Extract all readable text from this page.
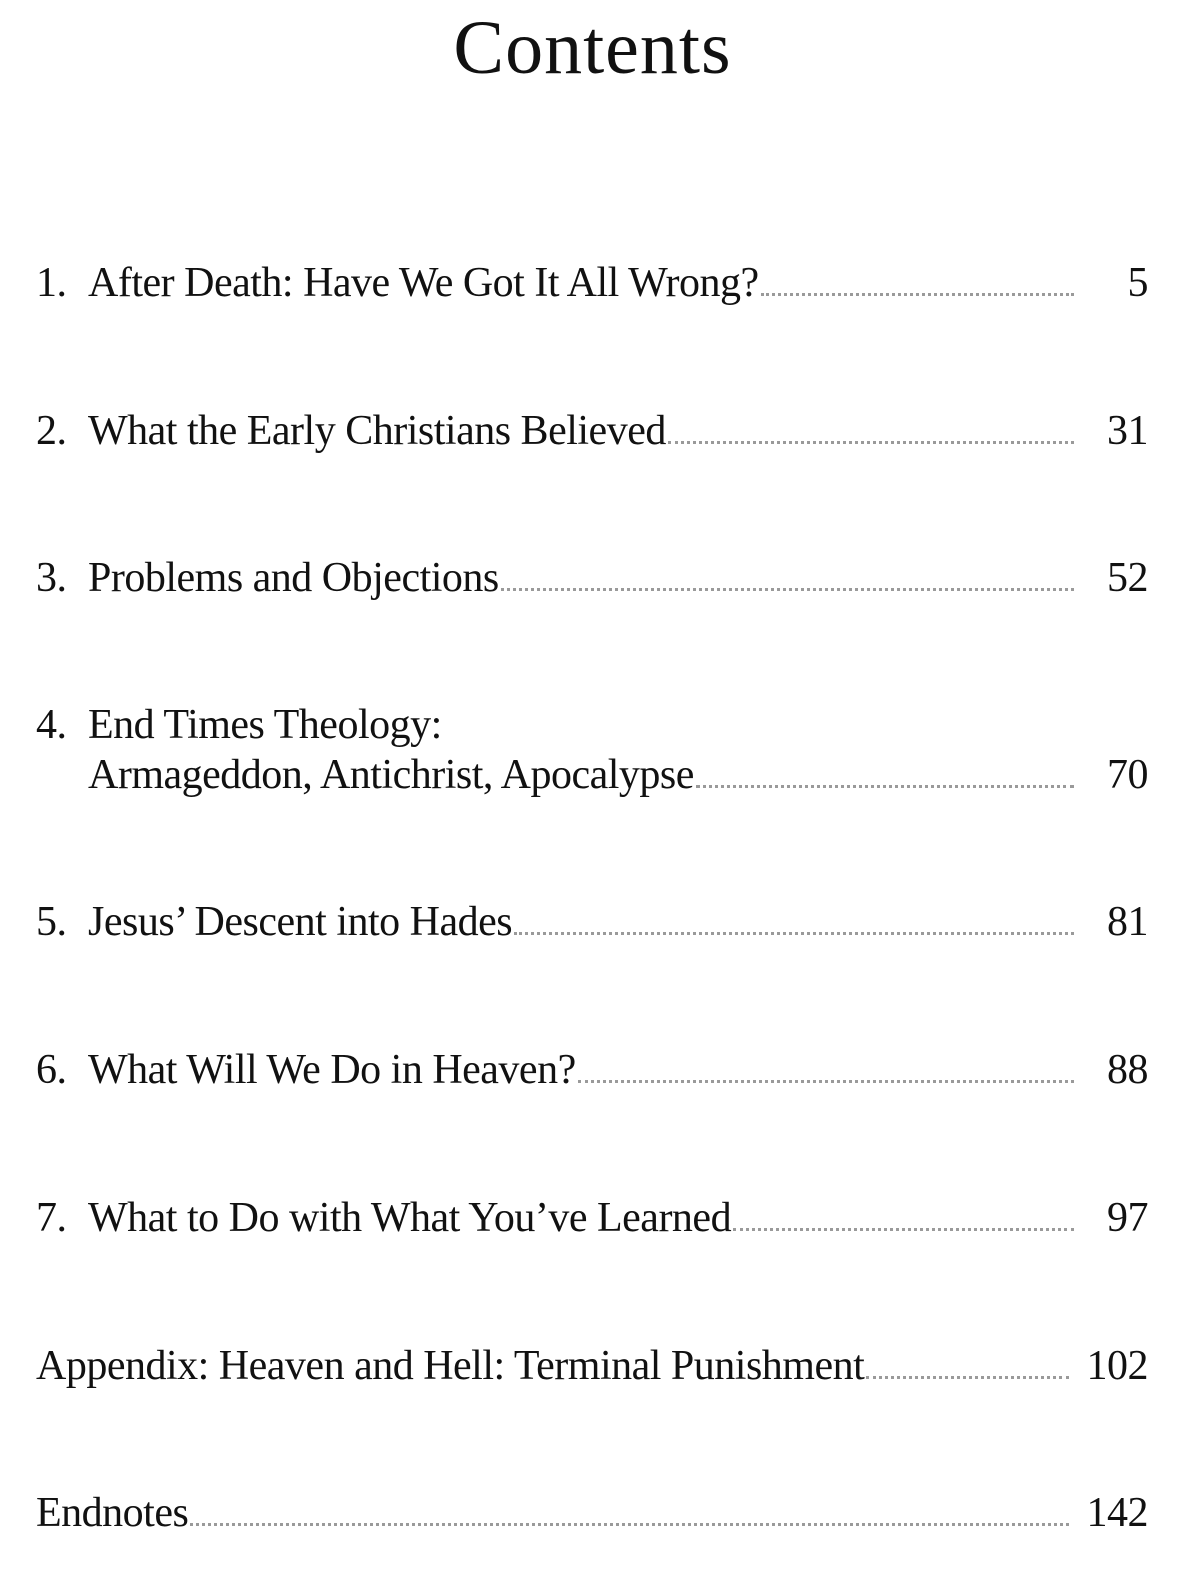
Contents
1. After Death: Have We Got It All Wrong?	5
2. What the Early Christians Believed	31
3. Problems and Objections	52
4. End Times Theology:
Armageddon, Antichrist, Apocalypse	70
5. Jesus’ Descent into Hades	81
6. What Will We Do in Heaven?	88
7. What to Do with What You’ve Learned	97
Appendix: Heaven and Hell: Terminal Punishment	102
Endnotes	142
